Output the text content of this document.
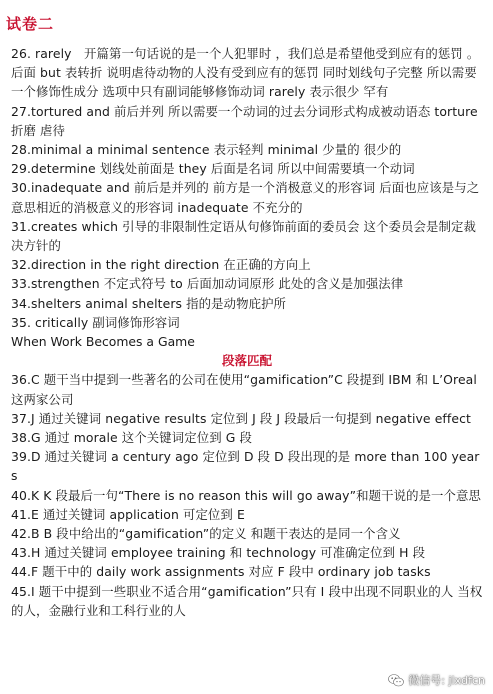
试卷二

26. rarely　开篇第一句话说的是一个人犯罪时 ，我们总是希望他受到应有的惩罚 。后面 but 表转折 说明虐待动物的人没有受到应有的惩罚 同时划线句子完整 所以需要一个修饰性成分 选项中只有副词能够修饰动词 rarely 表示很少 罕有

27.tortured and 前后并列 所以需要一个动词的过去分词形式构成被动语态 torture 折磨 虐待

28.minimal a minimal sentence 表示轻判 minimal 少量的 很少的

29.determine 划线处前面是 they 后面是名词 所以中间需要填一个动词

30.inadequate and 前后是并列的 前方是一个消极意义的形容词 后面也应该是与之意思相近的消极意义的形容词 inadequate 不充分的

31.creates which 引导的非限制性定语从句修饰前面的委员会 这个委员会是制定裁决方针的

32.direction in the right direction 在正确的方向上

33.strengthen 不定式符号 to 后面加动词原形 此处的含义是加强法律

34.shelters animal shelters 指的是动物庇护所

35. critically 副词修饰形容词

When Work Becomes a Game

段落匹配

36.C 题干当中提到一些著名的公司在使用“gamification”C 段提到 IBM 和 L’Oreal 这两家公司

37.J 通过关键词 negative results 定位到 J 段 J 段最后一句提到 negative effect

38.G 通过 morale 这个关键词定位到 G 段

39.D 通过关键词 a century ago 定位到 D 段 D 段出现的是 more than 100 years

40.K K 段最后一句“There is no reason this will go away”和题干说的是一个意思

41.E 通过关键词 application 可定位到 E

42.B B 段中给出的“gamification”的定义 和题干表达的是同一个含义

43.H 通过关键词 employee training 和 technology 可准确定位到 H 段

44.F 题干中的 daily work assignments 对应 F 段中 ordinary job tasks

45.I 题干中提到一些职业不适合用“gamification”只有 I 段中出现不同职业的人 当权的人，金融行业和工科行业的人

微信号: jlxdfcn
